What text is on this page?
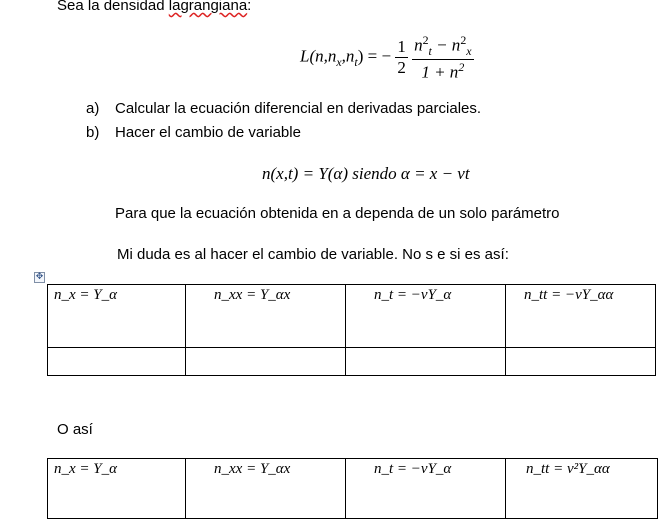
Sea la densidad lagrangiana:
$L(n,n_x,n_t)$ = − $\frac{1}{2}$
$\frac{n^2_t - n^2_x}{1 + n^2}$
a) Calcular la ecuación diferencial en derivadas parciales.
b) Hacer el cambio de variable
n(x,t) = Y(α) siendo α = x − vt
Para que la ecuación obtenida en a dependa de un solo parámetro
Mi duda es al hacer el cambio de variable. No s e si es así:
✥
n_x = Y_α	n_xx = Y_αx	n_t = −vY_α	n_tt = −vY_αα

O así
n_x = Y_α	n_xx = Y_αx	n_t = −vY_α	n_tt = v²Y_αα
